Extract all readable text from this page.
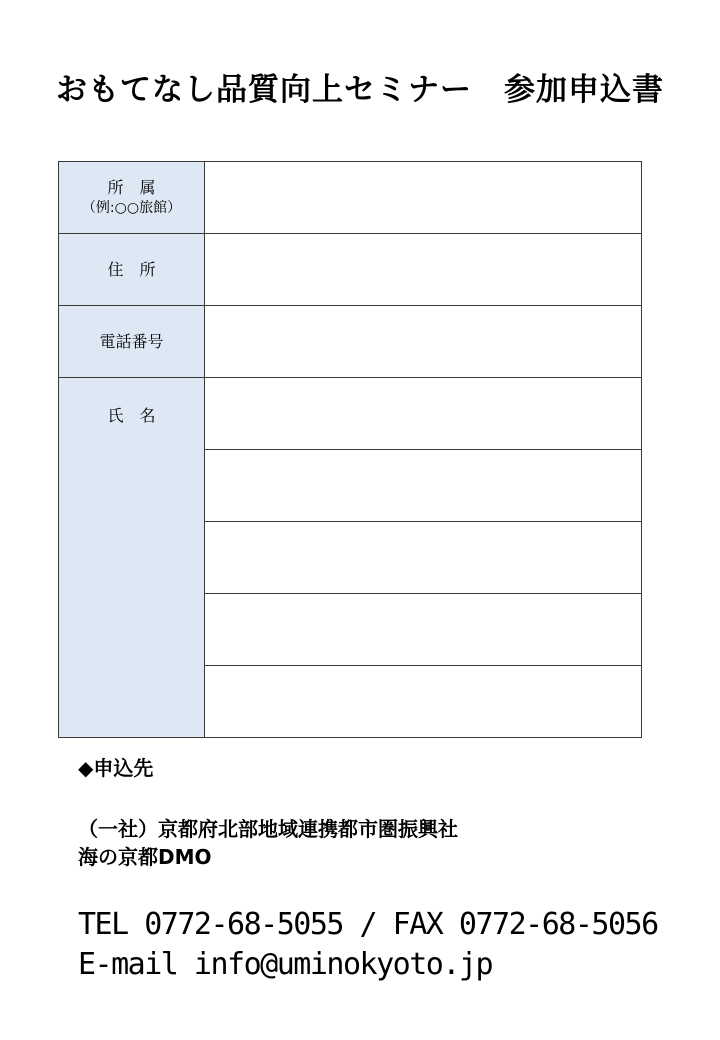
おもてなし品質向上セミナー　参加申込書
所　属
（例:○○旅館）	

住　所	
電話番号	
氏　名	

◆申込先
（一社）京都府北部地域連携都市圏振興社
海の京都DMO
TEL 0772-68-5055 / FAX 0772-68-5056
E-mail info@uminokyoto.jp
